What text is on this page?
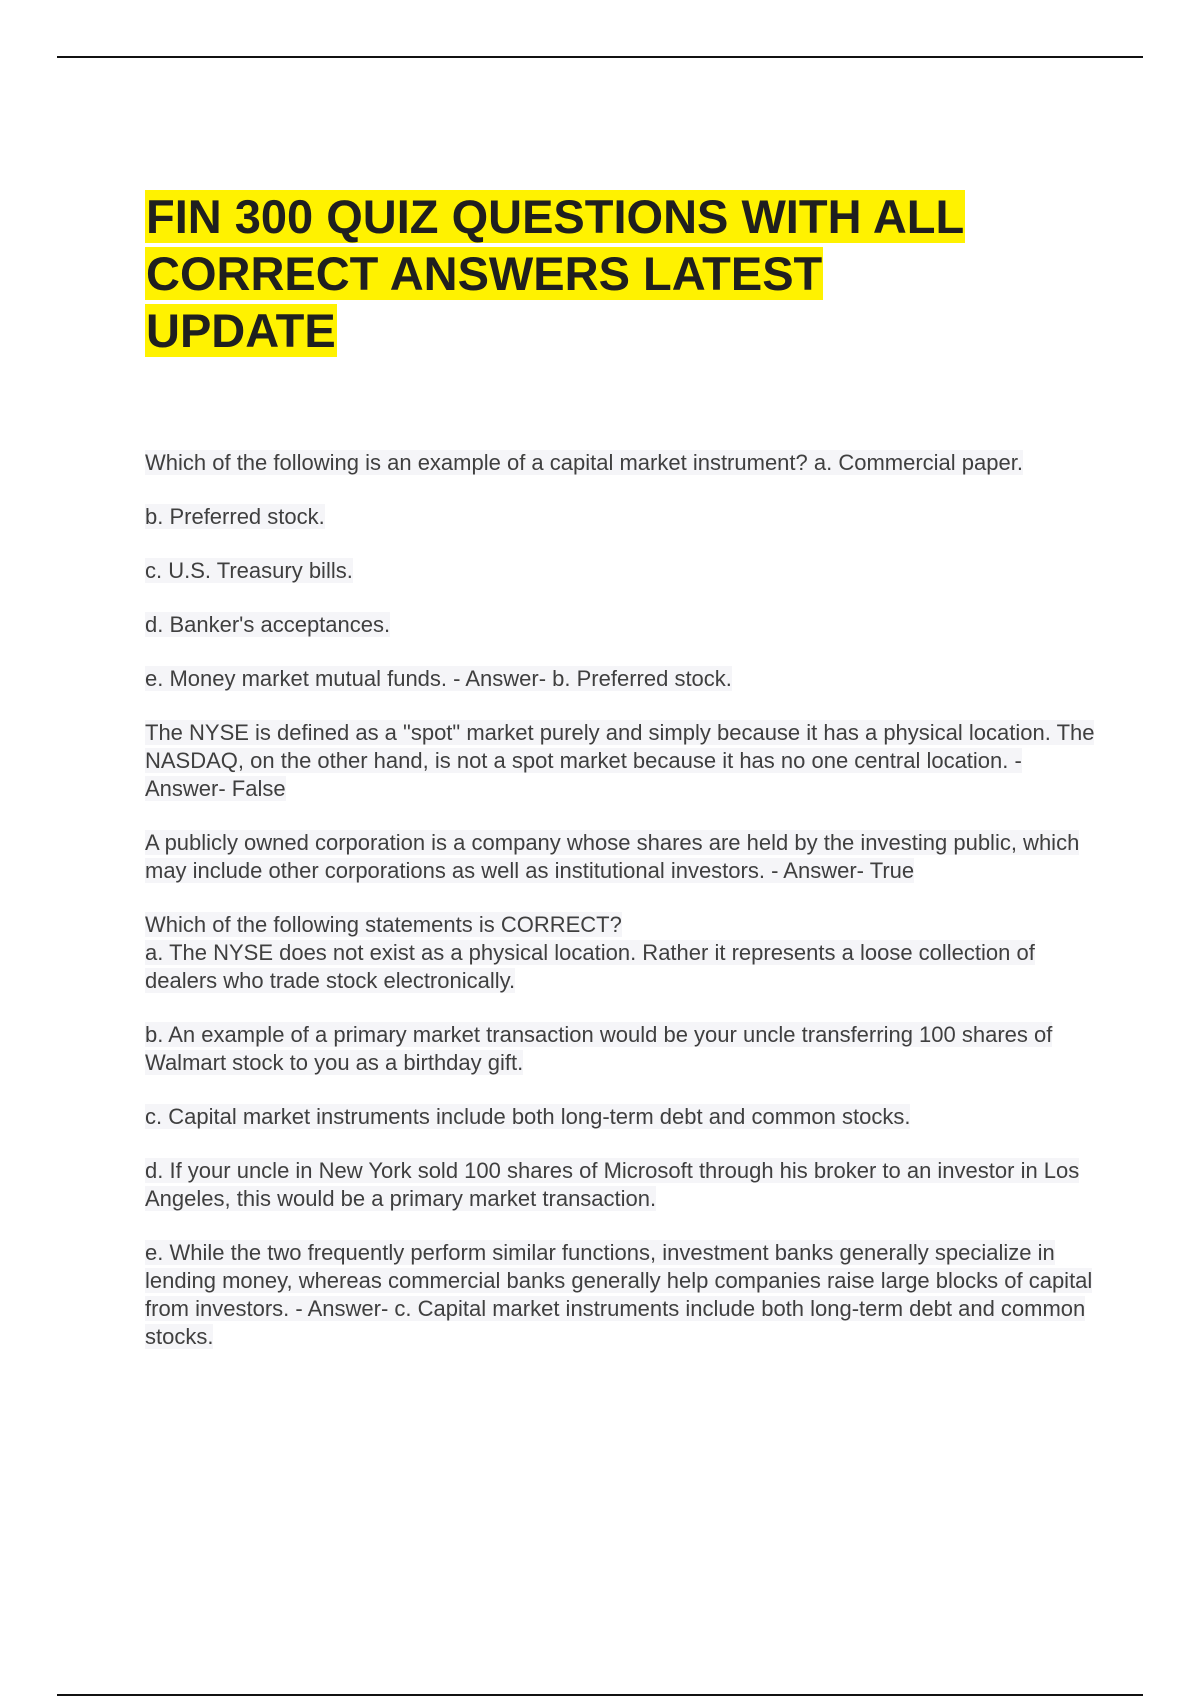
FIN 300 QUIZ QUESTIONS WITH ALL CORRECT ANSWERS LATEST UPDATE

Which of the following is an example of a capital market instrument? a. Commercial paper.

b. Preferred stock.

c. U.S. Treasury bills.

d. Banker's acceptances.

e. Money market mutual funds. - Answer- b. Preferred stock.

The NYSE is defined as a "spot" market purely and simply because it has a physical location. The NASDAQ, on the other hand, is not a spot market because it has no one central location. - Answer- False

A publicly owned corporation is a company whose shares are held by the investing public, which may include other corporations as well as institutional investors. - Answer- True

Which of the following statements is CORRECT?
a. The NYSE does not exist as a physical location. Rather it represents a loose collection of dealers who trade stock electronically.

b. An example of a primary market transaction would be your uncle transferring 100 shares of Walmart stock to you as a birthday gift.

c. Capital market instruments include both long-term debt and common stocks.

d. If your uncle in New York sold 100 shares of Microsoft through his broker to an investor in Los Angeles, this would be a primary market transaction.

e. While the two frequently perform similar functions, investment banks generally specialize in lending money, whereas commercial banks generally help companies raise large blocks of capital from investors. - Answer- c. Capital market instruments include both long-term debt and common stocks.
